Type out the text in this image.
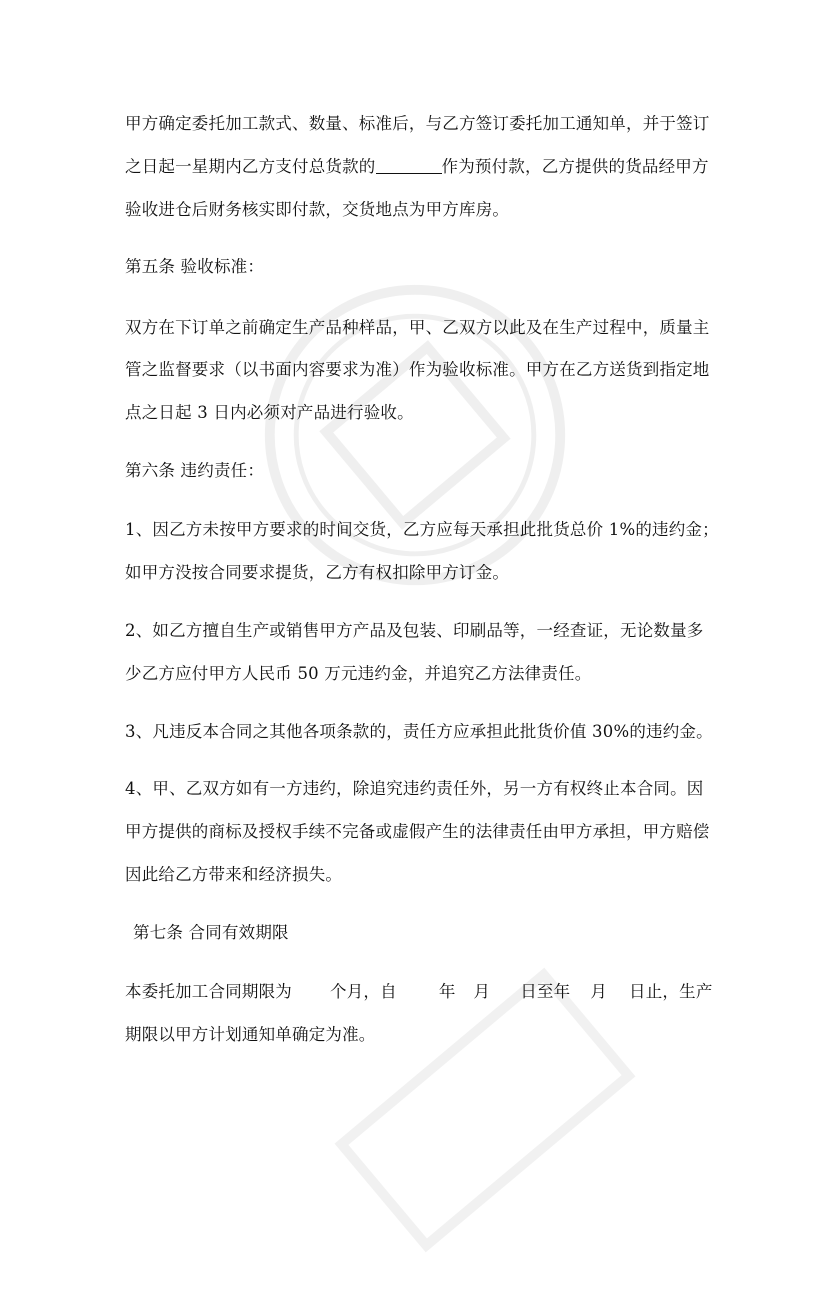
甲方确定委托加工款式、数量、标准后，与乙方签订委托加工通知单，并于签订
之日起一星期内乙方支付总货款的	作为预付款，乙方提供的货品经甲方
验收进仓后财务核实即付款，交货地点为甲方库房。
第五条 验收标准：
双方在下订单之前确定生产品种样品，甲、乙双方以此及在生产过程中，质量主
管之监督要求（以书面内容要求为准）作为验收标准。甲方在乙方送货到指定地
点之日起 3 日内必须对产品进行验收。
第六条 违约责任：
1、因乙方未按甲方要求的时间交货，乙方应每天承担此批货总价 1%的违约金；
如甲方没按合同要求提货，乙方有权扣除甲方订金。
2、如乙方擅自生产或销售甲方产品及包装、印刷品等，一经查证，无论数量多
少乙方应付甲方人民币 50 万元违约金，并追究乙方法律责任。
3、凡违反本合同之其他各项条款的，责任方应承担此批货价值 30%的违约金。
4、甲、乙双方如有一方违约，除追究违约责任外，另一方有权终止本合同。因
甲方提供的商标及授权手续不完备或虚假产生的法律责任由甲方承担，甲方赔偿
因此给乙方带来和经济损失。
第七条 合同有效期限
本委托加工合同期限为 个月，自	年 月 日至年 月 日止，生产
期限以甲方计划通知单确定为准。
